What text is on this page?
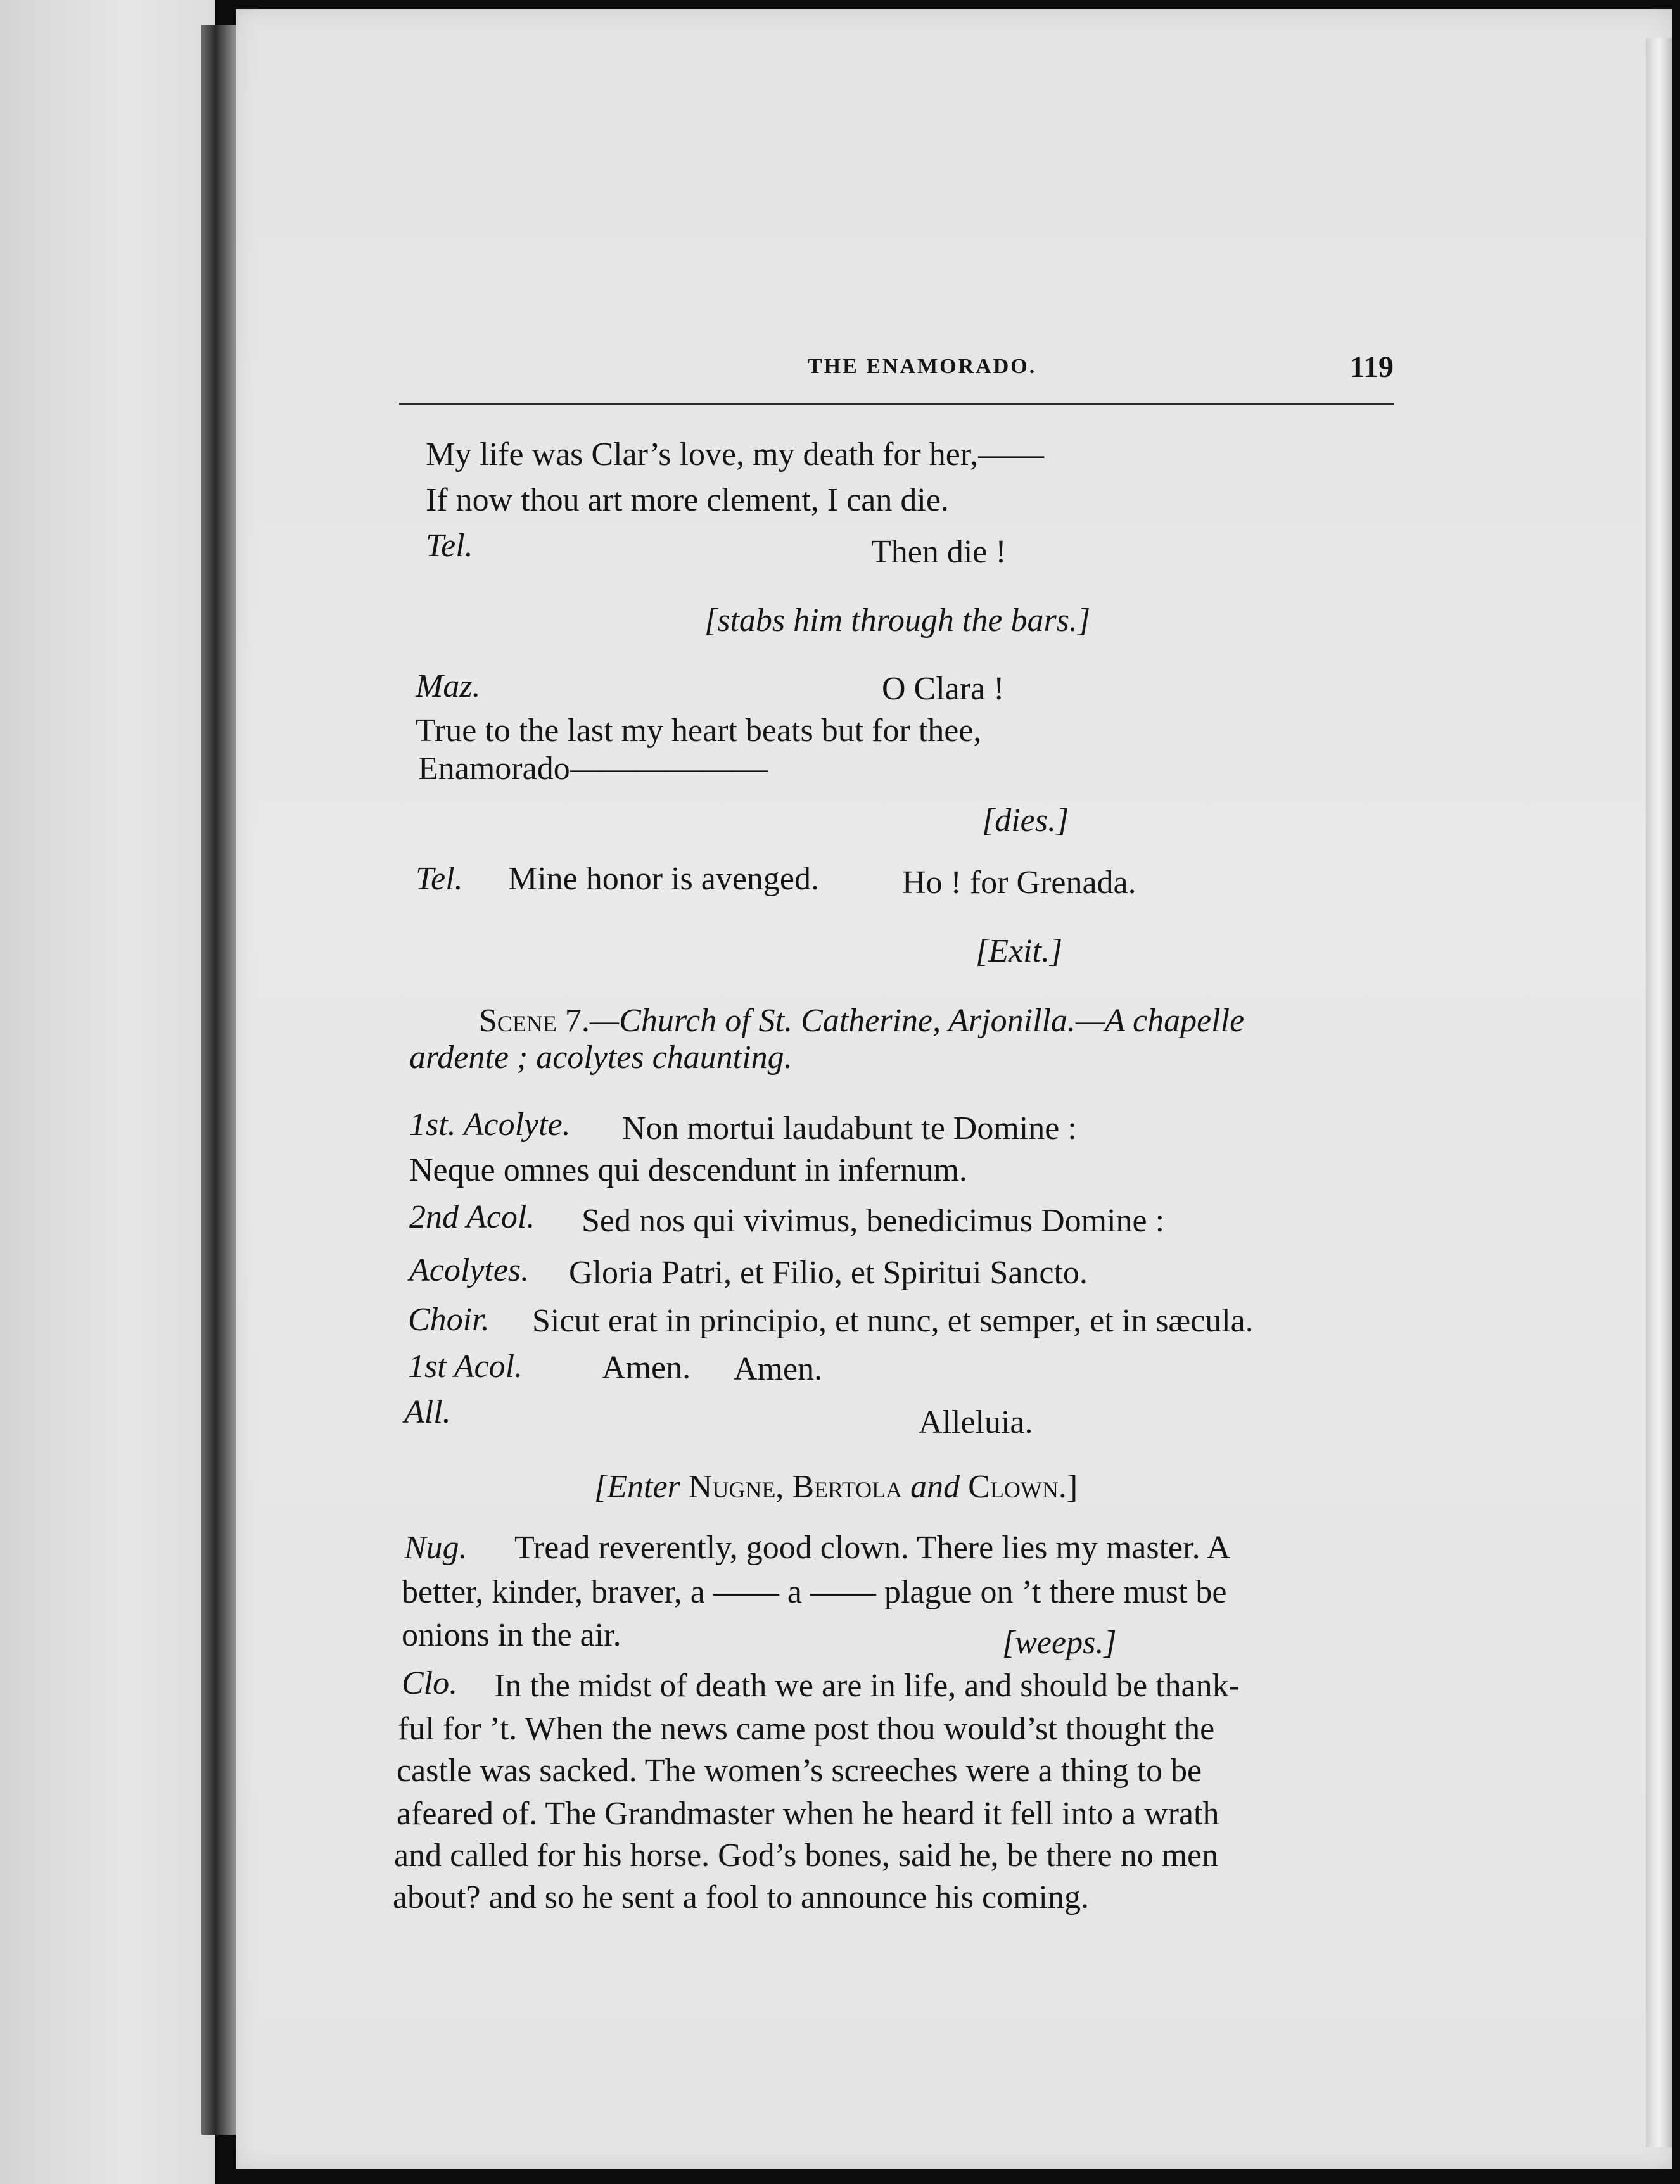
THE ENAMORADO.	119
My life was Clar’s love, my death for her,——
If now thou art more clement, I can die.
Tel.	Then die !
[stabs him through the bars.]
Maz.	O Clara !
True to the last my heart beats but for thee,
Enamorado——————
[dies.]
Tel. Mine honor is avenged.	Ho ! for Grenada.
[Exit.]
Scene 7.—Church of St. Catherine, Arjonilla.—A chapelle
ardente ; acolytes chaunting.
1st. Acolyte. Non mortui laudabunt te Domine :
Neque omnes qui descendunt in infernum.
2nd Acol. Sed nos qui vivimus, benedicimus Domine :
Acolytes. Gloria Patri, et Filio, et Spiritui Sancto.
Choir. Sicut erat in principio, et nunc, et semper, et in sæcula.
1st Acol. Amen. Amen.
All.	Alleluia.
[Enter Nugne, Bertola and Clown.]
Nug. Tread reverently, good clown. There lies my master. A
better, kinder, braver, a —— a —— plague on ’t there must be
onions in the air.	[weeps.]
Clo. In the midst of death we are in life, and should be thank-
ful for ’t. When the news came post thou would’st thought the
castle was sacked. The women’s screeches were a thing to be
afeared of. The Grandmaster when he heard it fell into a wrath
and called for his horse. God’s bones, said he, be there no men
about? and so he sent a fool to announce his coming.
